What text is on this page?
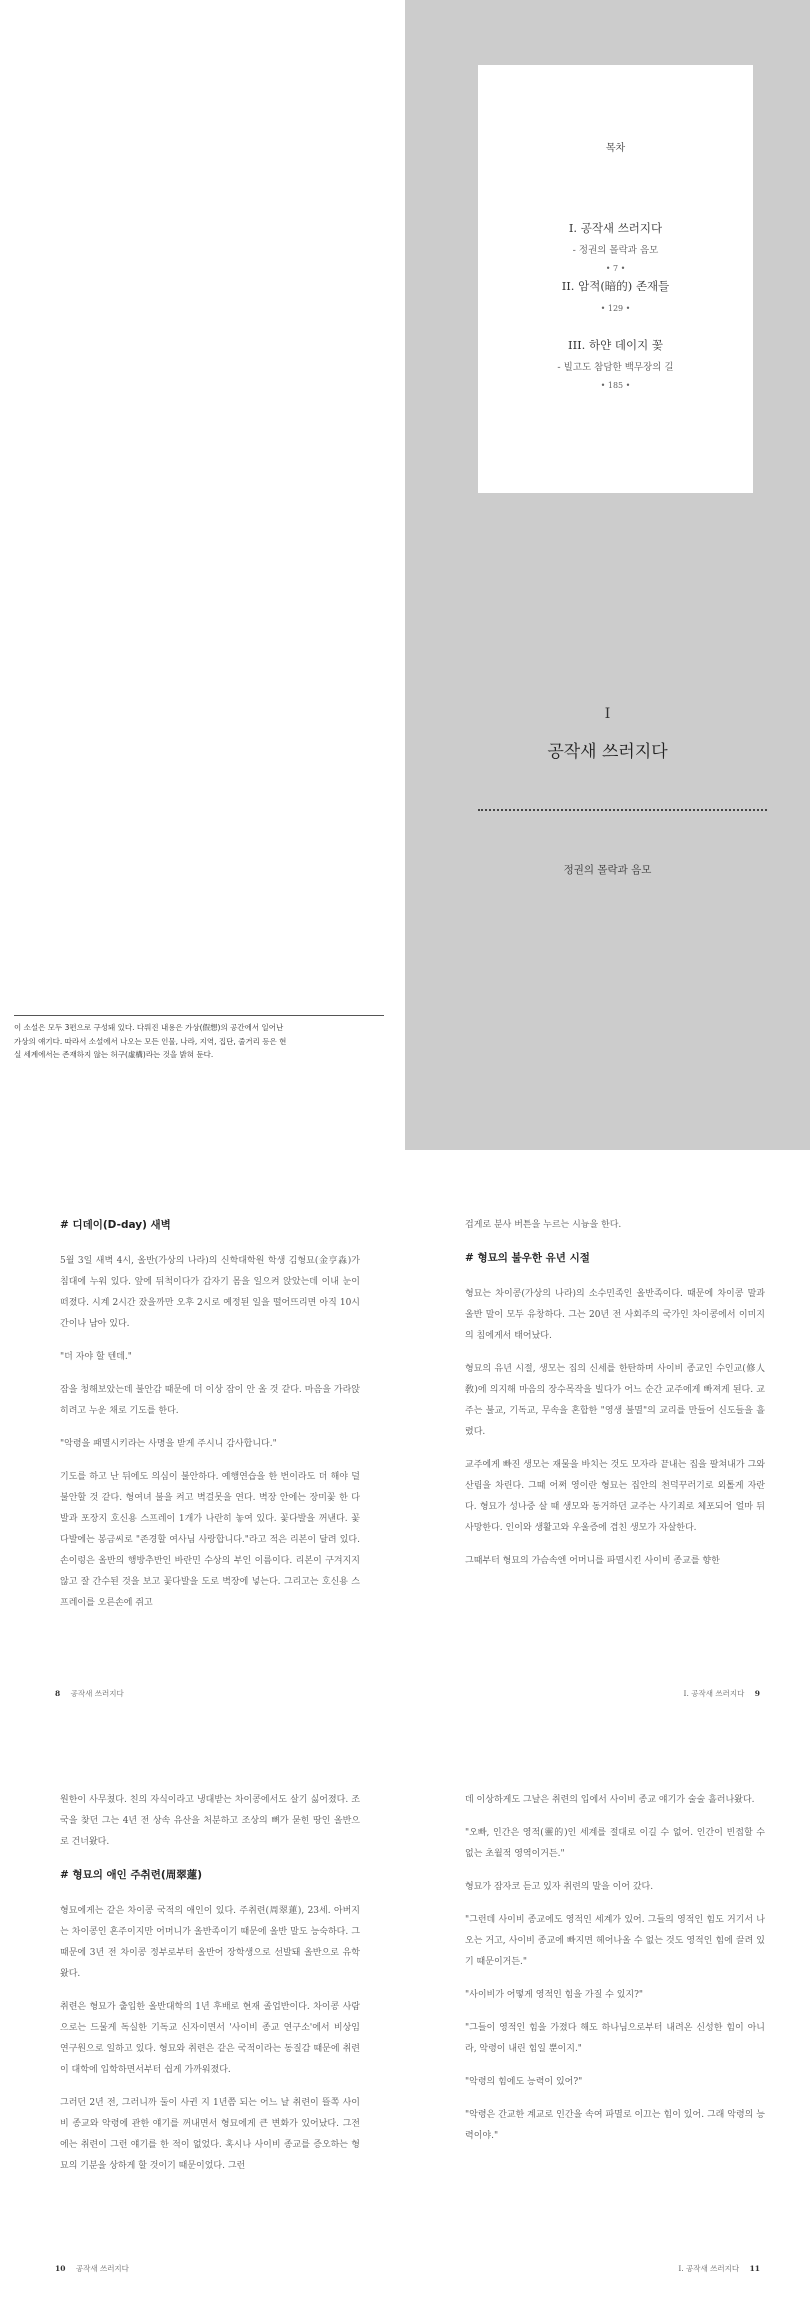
목차
I. 공작새 쓰러지다
- 정권의 몰락과 음모
• 7 •
II. 암적(暗的) 존재들
• 129 •
III. 하얀 데이지 꽃
- 빌고도 참담한 백무장의 길
• 185 •
이 소설은 모두 3편으로 구성돼 있다. 다뤄진 내용은 가상(假想)의 공간에서 일어난
가상의 얘기다. 따라서 소설에서 나오는 모든 인물, 나라, 지역, 집단, 줄거리 등은 현
실 세계에서는 존재하지 않는 허구(虛構)라는 것을 밝혀 둔다.
I
공작새 쓰러지다
정권의 몰락과 음모
# 디데이(D-day) 새벽

5월 3일 새벽 4시, 올반(가상의 나라)의 신학대학원 학생 김형묘(金亨淼)가 침대에 누워 있다. 앞에 뒤척이다가 갑자기 몸을 일으켜 앉았는데 이내 눈이 떠졌다. 시계 2시간 잤을까만 오후 2시로 예정된 일을 떨어뜨리면 아직 10시간이나 남아 있다.

"더 자야 할 텐데."

잠을 청해보았는데 불안감 때문에 더 이상 잠이 안 올 것 같다. 마음을 가라앉히려고 누운 채로 기도를 한다.

"악령을 패멸시키라는 사명을 받게 주시니 감사합니다."

기도를 하고 난 뒤에도 의심이 불안하다. 예행연습을 한 번이라도 더 해야 덜 불안할 것 같다. 형여녀 불을 켜고 벽걸못을 연다. 벽장 안에는 장미꽃 한 다발과 포장지 호신용 스프레이 1개가 나란히 놓여 있다. 꽃다발을 꺼낸다. 꽃다발에는 봉금씨로 "존경할 여사님 사랑합니다."라고 적은 리본이 달려 있다. 손이렁은 올반의 행방추반인 바란민 수상의 부인 이름이다. 리본이 구겨지지 않고 잘 간수된 것을 보고 꽃다발을 도로 벽장에 넣는다. 그리고는 호신용 스프레이를 오른손에 쥐고

8 공작새 쓰러지다

겁게로 분사 버튼을 누르는 시늉을 한다.

# 형묘의 불우한 유년 시절

형묘는 차이콩(가상의 나라)의 소수민족인 올반족이다. 때문에 차이콩 말과 올반 말이 모두 유창하다. 그는 20년 전 사회주의 국가인 차이콩에서 이미지의 침에게서 태어났다.

형묘의 유년 시절, 생모는 집의 신세를 한탄하며 사이비 종교인 수인교(修人敎)에 의지해 마음의 장수목작을 빌다가 어느 순간 교주에게 빠져게 된다. 교주는 불교, 기독교, 무속을 혼합한 "영생 불멸"의 교리를 만들어 신도들을 흘렸다.

교주에게 빠진 생모는 재물을 바치는 것도 모자라 끝내는 집을 팔쳐내가 그와 산림을 차린다. 그때 어쩌 영이란 형묘는 집안의 천덕꾸러기로 외톨게 자란다. 형묘가 성나중 살 때 생모와 동거하던 교주는 사기죄로 체포되어 얼마 뒤 사망한다. 인이와 생활고와 우울증에 겹친 생모가 자살한다.

그때부터 형묘의 가슴속엔 어머니를 파멸시킨 사이비 종교를 향한

I. 공작새 쓰러지다 9

원한이 사무쳤다. 친의 자식이라고 냉대받는 차이콩에서도 살기 싫어졌다. 조국을 찾던 그는 4년 전 상속 유산을 처분하고 조상의 뼈가 묻힌 땅인 올반으로 건너왔다.

# 형묘의 애인 주취련(周翠蓮)

형묘에게는 같은 차이콩 국적의 애인이 있다. 주취련(周翠蓮), 23세. 아버지는 차이콩인 혼주이지만 어머니가 올반족이기 때문에 올반 말도 능숙하다. 그 때문에 3년 전 차이콩 정부로부터 올반어 장학생으로 선발돼 올반으로 유학 왔다.

취련은 형묘가 출입한 올반대학의 1년 후배로 현재 졸업반이다. 차이콩 사람으로는 드물게 독실한 기독교 신자이면서 '사이비 종교 연구소'에서 비상임 연구원으로 일하고 있다. 형묘와 취련은 같은 국적이라는 동질감 때문에 취련이 대학에 입학하면서부터 쉽게 가까워졌다.

그러던 2년 전, 그러니까 둘이 사귄 지 1년쯤 되는 어느 날 취련이 뜰쪽 사이비 종교와 악령에 관한 얘기를 꺼내면서 형묘에게 큰 변화가 있어났다. 그전에는 취련이 그런 얘기를 한 적이 없었다. 혹시나 사이비 종교를 증오하는 형묘의 기분을 상하게 할 것이기 때문이었다. 그런

10 공작새 쓰러지다

데 이상하게도 그날은 취련의 입에서 사이비 종교 얘기가 술술 흘러나왔다.

"오빠, 인간은 영적(靈的)인 세계를 절대로 이길 수 없어. 인간이 빈접할 수 없는 초월적 영역이거든."

형묘가 잠자코 듣고 있자 취련의 말을 이어 갔다.

"그런데 사이비 종교에도 영적인 세계가 있어. 그들의 영적인 힘도 거기서 나오는 거고, 사이비 종교에 빠지면 헤어나올 수 없는 것도 영적인 힘에 끌려 있기 때문이거든."

"사이비가 어떻게 영적인 힘을 가질 수 있지?"

"그들이 영적인 힘을 가졌다 해도 하나님으로부터 내려온 신성한 힘이 아니라, 악령이 내린 힘일 뿐이지."

"악령의 힘에도 능력이 있어?"

"악령은 간교한 계교로 인간을 속여 파멸로 이끄는 힘이 있어. 그래 악령의 능력이야."

I. 공작새 쓰러지다 11
